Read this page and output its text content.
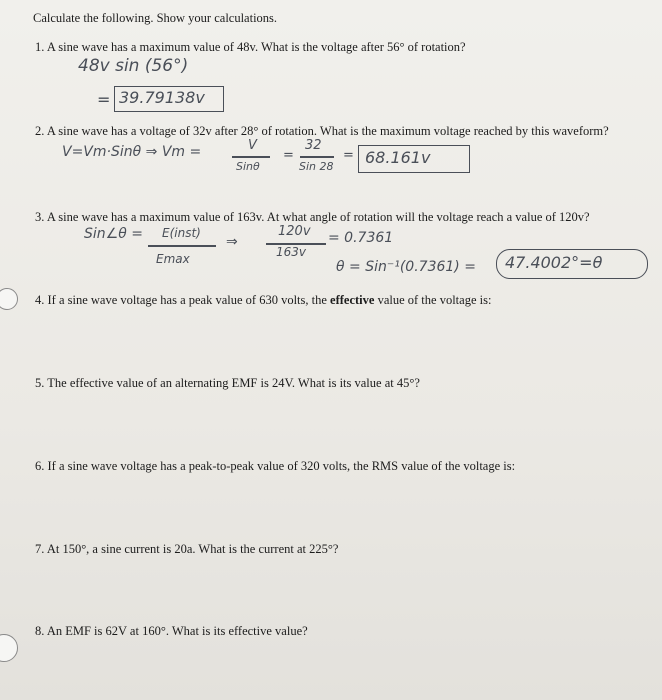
Calculate the following. Show your calculations.
1. A sine wave has a maximum value of 48v. What is the voltage after 56° of rotation?
48v sin (56°)
= 39.79138v
2. A sine wave has a voltage of 32v after 28° of rotation. What is the maximum voltage reached by this waveform?
V=Vm·Sinθ ⇒ Vm =	V
Sinθ
=
32
Sin 28
= 68.161v
3. A sine wave has a maximum value of 163v. At what angle of rotation will the voltage reach a value of 120v?
Sin∠θ = E(inst)
Emax
⇒
120v
163v
= 0.7361
θ = Sin⁻¹(0.7361) = 47.4002°=θ
4. If a sine wave voltage has a peak value of 630 volts, the effective value of the voltage is:
5. The effective value of an alternating EMF is 24V. What is its value at 45°?
6. If a sine wave voltage has a peak-to-peak value of 320 volts, the RMS value of the voltage is:
7. At 150°, a sine current is 20a. What is the current at 225°?
8. An EMF is 62V at 160°. What is its effective value?
